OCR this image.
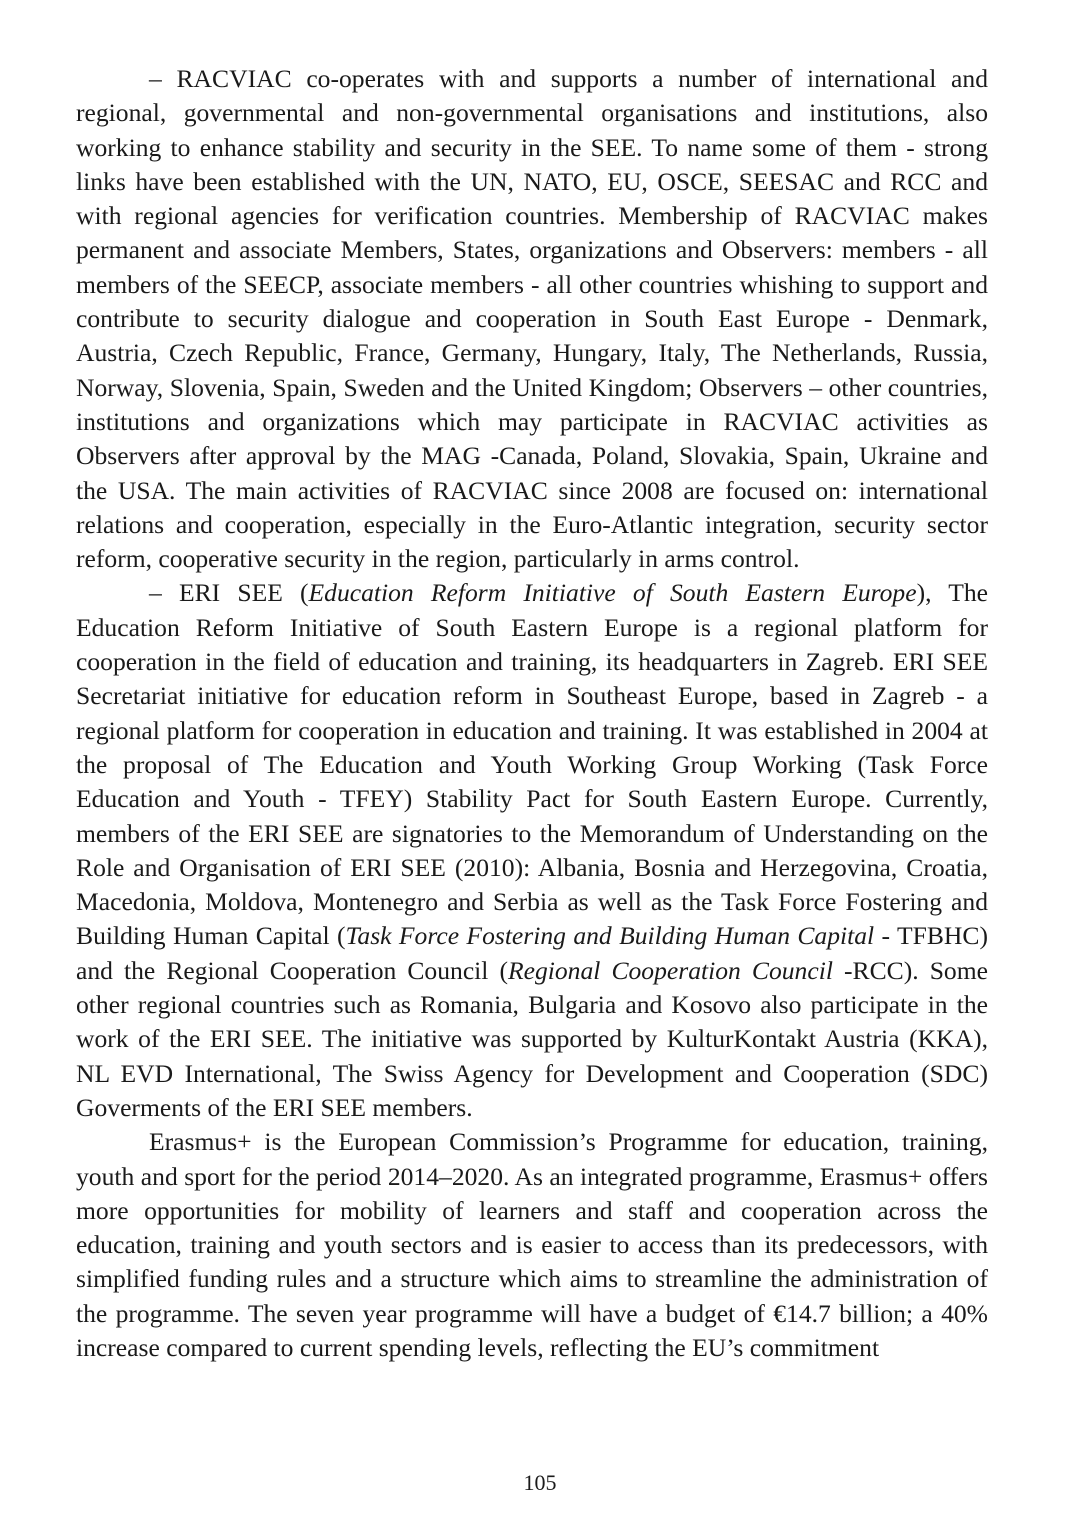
– RACVIAC co-operates with and supports a number of international and regional, governmental and non-governmental organisations and institutions, also working to enhance stability and security in the SEE. To name some of them - strong links have been established with the UN, NATO, EU, OSCE, SEESAC and RCC and with regional agencies for verification countries. Membership of RACVIAC makes permanent and associate Members, States, organizations and Observers: members - all members of the SEECP, associate members - all other countries whishing to support and contribute to security dialogue and cooperation in South East Europe - Denmark, Austria, Czech Republic, France, Germany, Hungary, Italy, The Netherlands, Russia, Norway, Slovenia, Spain, Sweden and the United Kingdom; Observers – other countries, institutions and organizations which may participate in RACVIAC activities as Observers after approval by the MAG -Canada, Poland, Slovakia, Spain, Ukraine and the USA. The main activities of RACVIAC since 2008 are focused on: international relations and cooperation, especially in the Euro-Atlantic integration, security sector reform, cooperative security in the region, particularly in arms control.

– ERI SEE (Education Reform Initiative of South Eastern Europe), The Education Reform Initiative of South Eastern Europe is a regional platform for cooperation in the field of education and training, its headquarters in Zagreb. ERI SEE Secretariat initiative for education reform in Southeast Europe, based in Zagreb - a regional platform for cooperation in education and training. It was established in 2004 at the proposal of The Education and Youth Working Group Working (Task Force Education and Youth - TFEY) Stability Pact for South Eastern Europe. Currently, members of the ERI SEE are signatories to the Memorandum of Understanding on the Role and Organisation of ERI SEE (2010): Albania, Bosnia and Herzegovina, Croatia, Macedonia, Moldova, Montenegro and Serbia as well as the Task Force Fostering and Building Human Capital (Task Force Fostering and Building Human Capital - TFBHC) and the Regional Cooperation Council (Regional Cooperation Council -RCC). Some other regional countries such as Romania, Bulgaria and Kosovo also participate in the work of the ERI SEE. The initiative was supported by KulturKontakt Austria (KKA), NL EVD International, The Swiss Agency for Development and Cooperation (SDC) Goverments of the ERI SEE members.

Erasmus+ is the European Commission’s Programme for education, training, youth and sport for the period 2014–2020. As an integrated programme, Erasmus+ offers more opportunities for mobility of learners and staff and cooperation across the education, training and youth sectors and is easier to access than its predecessors, with simplified funding rules and a structure which aims to streamline the administration of the programme. The seven year programme will have a budget of €14.7 billion; a 40% increase compared to current spending levels, reflecting the EU’s commitment

105
